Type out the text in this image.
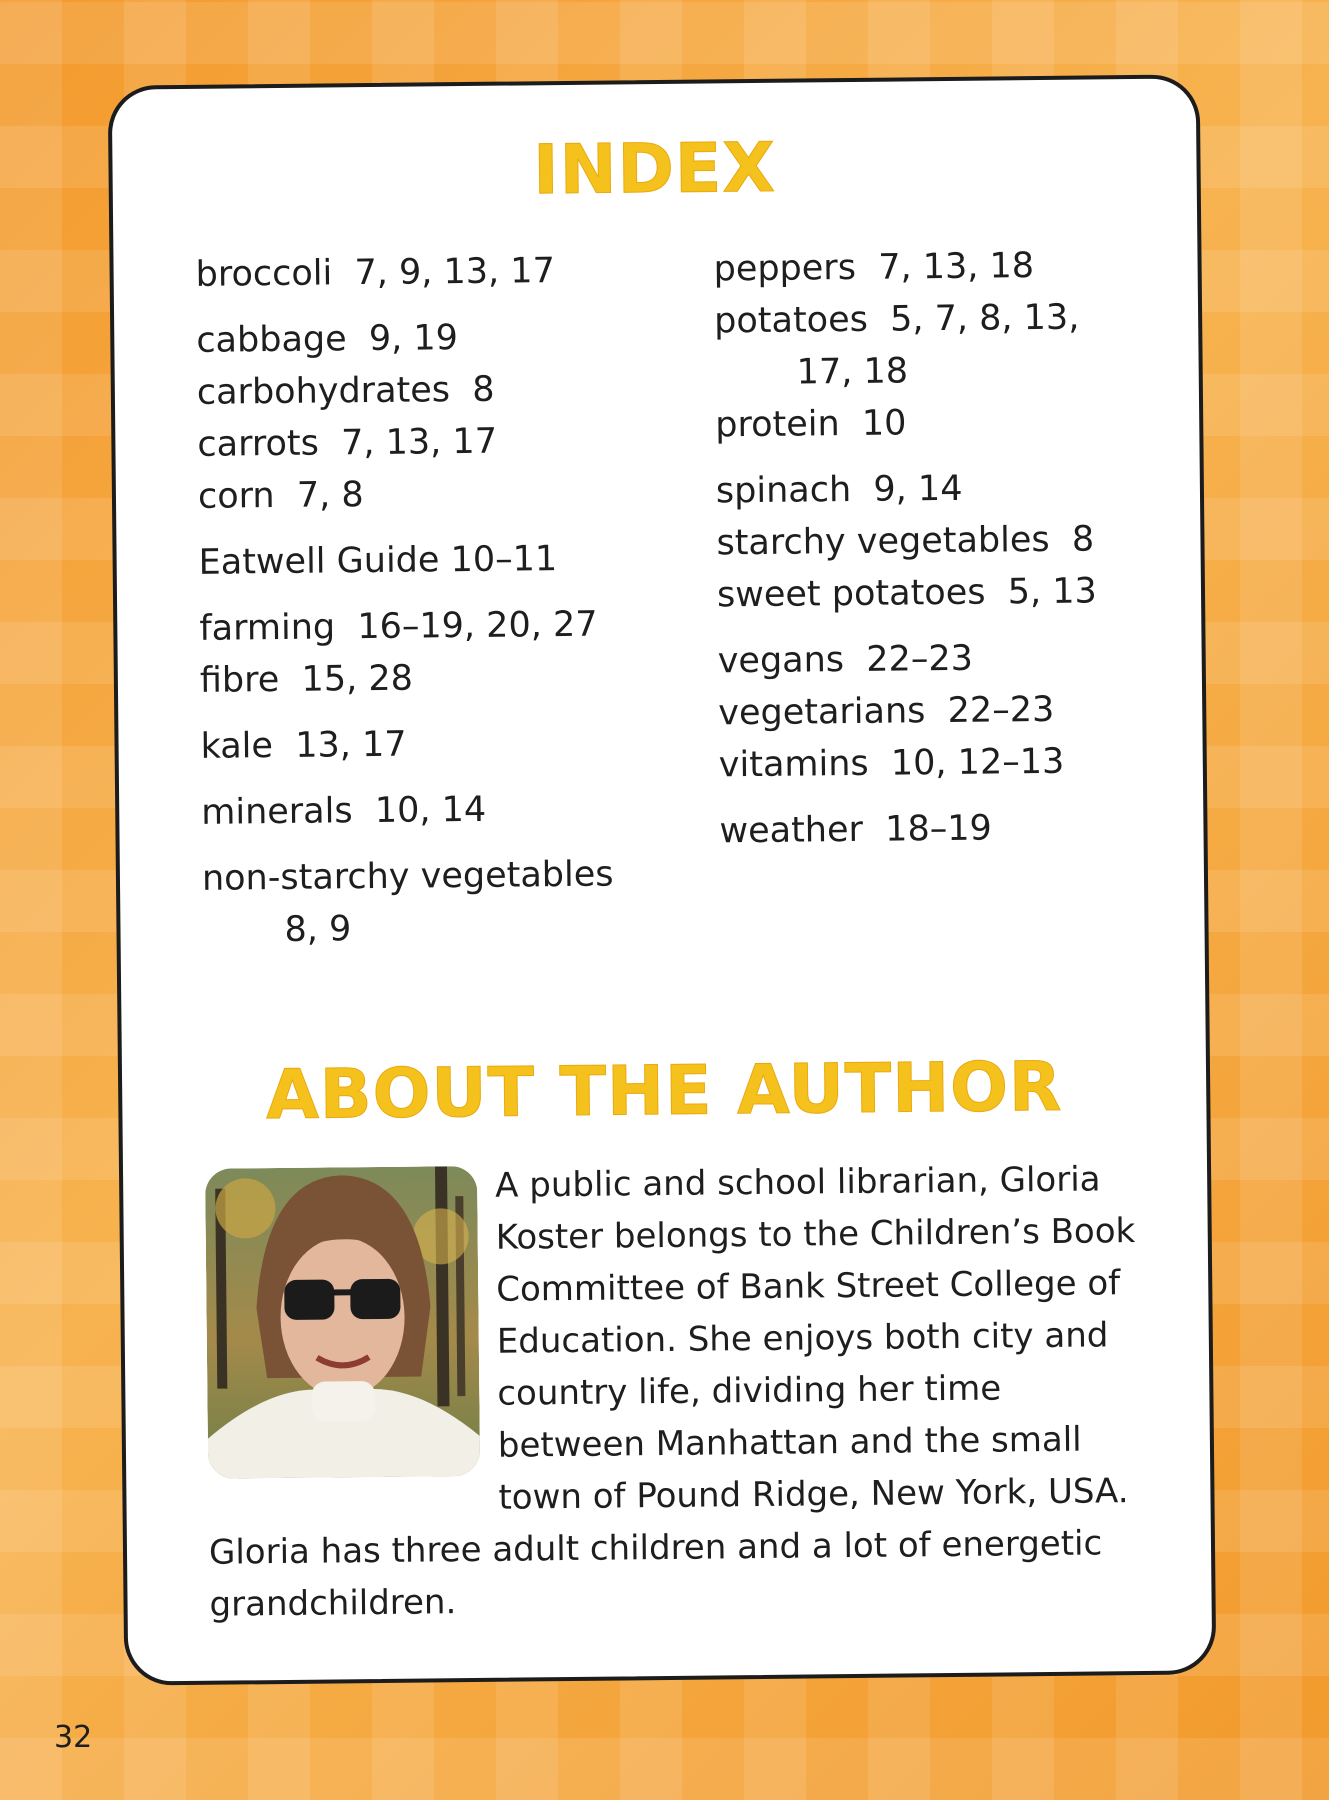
INDEX

broccoli 7, 9, 13, 17

cabbage 9, 19

carbohydrates 8

carrots 7, 13, 17

corn 7, 8

Eatwell Guide 10–11

farming 16–19, 20, 27

fibre 15, 28

kale 13, 17

minerals 10, 14

non-starchy vegetables
8, 9

peppers 7, 13, 18

potatoes 5, 7, 8, 13,
17, 18

protein 10

spinach 9, 14

starchy vegetables 8

sweet potatoes 5, 13

vegans 22–23

vegetarians 22–23

vitamins 10, 12–13

weather 18–19

ABOUT THE AUTHOR
A public and school librarian, Gloria Koster belongs to the Children’s Book Committee of Bank Street College of Education. She enjoys both city and country life, dividing her time between Manhattan and the small town of Pound Ridge, New York, USA. Gloria has three adult children and a lot of energetic grandchildren.
32
